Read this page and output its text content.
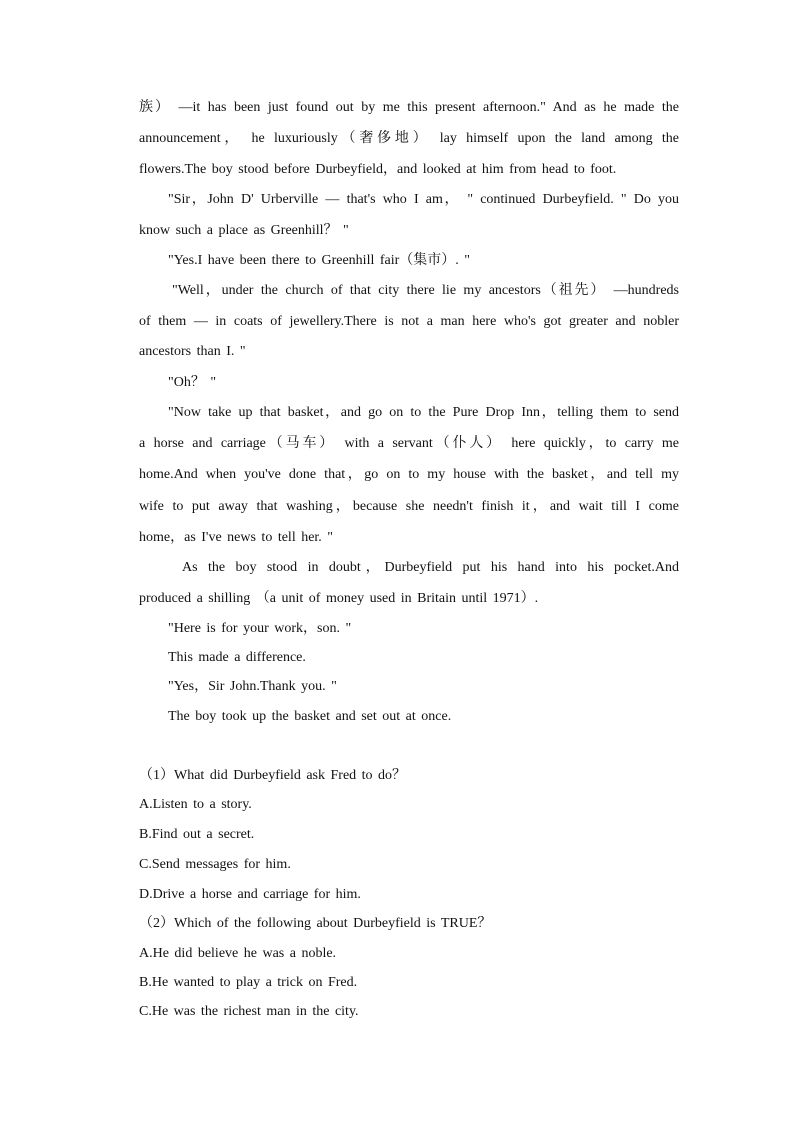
族） —it has been just found out by me this present afternoon." And as he made the
announcement， he luxuriously（奢侈地） lay himself upon the land among the
flowers.The boy stood before Durbeyfield，and looked at him from head to foot.
"Sir，John D' Urberville — that's who I am， " continued Durbeyfield. " Do you
know such a place as Greenhill？ "
"Yes.I have been there to Greenhill fair（集市）. "
"Well，under the church of that city there lie my ancestors（祖先） —hundreds
of them — in coats of jewellery.There is not a man here who's got greater and nobler
ancestors than I. "
"Oh？ "
"Now take up that basket，and go on to the Pure Drop Inn，telling them to send
a horse and carriage（马车） with a servant（仆人） here quickly，to carry me
home.And when you've done that，go on to my house with the basket，and tell my
wife to put away that washing，because she needn't finish it，and wait till I come
home，as I've news to tell her. "
As the boy stood in doubt，Durbeyfield put his hand into his pocket.And
produced a shilling （a unit of money used in Britain until 1971）.
"Here is for your work，son. "
This made a difference.
"Yes，Sir John.Thank you. "
The boy took up the basket and set out at once.
（1）What did Durbeyfield ask Fred to do？
A.Listen to a story.
B.Find out a secret.
C.Send messages for him.
D.Drive a horse and carriage for him.
（2）Which of the following about Durbeyfield is TRUE？
A.He did believe he was a noble.
B.He wanted to play a trick on Fred.
C.He was the richest man in the city.
